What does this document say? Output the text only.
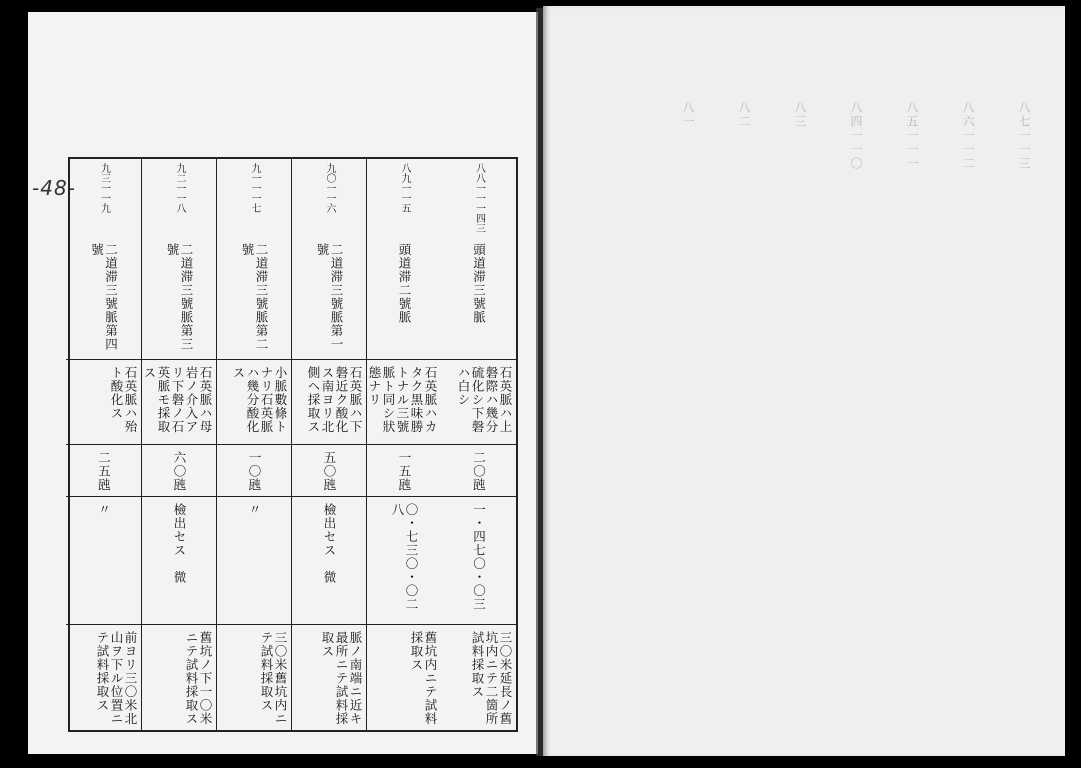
-48-	八八一一一四三
頭道滞三號脈
石英脈ハ上磐際ハ幾分硫化シ下磐ハ白シ
二〇瓲
一・四七〇・〇三
三〇米延長ノ舊坑内ニテ二箇所試料採取ス
八九一一五
頭道滞二號脈
石英脈ハカタク黒味勝トナル三號脈ト同シ狀態ナリ
一五瓲
〇・七三〇・〇二八
舊坑内ニテ試料採取ス
九〇一一六
二道滞三號脈第一號
石英脈ハ下磐近ク酸化ス南ヨリ北側ヘ採取ス
五〇瓲
檢出セス　微
脈ノ南端ニ近キ最所ニテ試料採取ス
九一一一七
二道滞三號脈第二號
小脈數條トナリ石英脈ハ幾分酸化ス
一〇瓲
〃
三〇米舊坑内ニテ試料採取ス
九二一一八
二道滞三號脈第三號
石英脈ハ母岩ノ介入アリ下磐ノ石英脈モ採取ス
六〇瓲
檢出セス　微
舊坑ノ下一〇米ニテ試料採取ス
九三一一九
二道滞三號脈第四號
石英脈ハ殆ト酸化ス
二五瓲
〃
前ヨリ三〇米北山ヲ下ル位置ニテ試料採取ス
八七一一三
八六一一二
八五一一一
八四一一〇
八三
八二
八一
